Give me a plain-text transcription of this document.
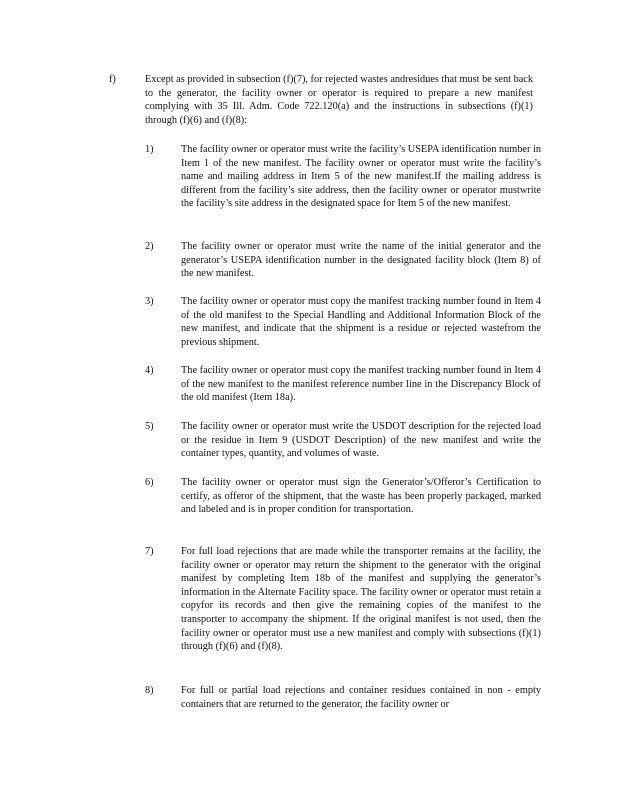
f)	Except as provided in subsection (f)(7), for rejected wastes andresidues that must be sent back to the generator, the facility owner or operator is required to prepare a new manifest complying with 35 Ill. Adm. Code 722.120(a) and the instructions in subsections (f)(1) through (f)(6) and (f)(8):
1)	The facility owner or operator must write the facility’s USEPA identification number in Item 1 of the new manifest. The facility owner or operator must write the facility’s name and mailing address in Item 5 of the new manifest.If the mailing address is different from the facility’s site address, then the facility owner or operator mustwrite the facility’s site address in the designated space for Item 5 of the new manifest.
2)	The facility owner or operator must write the name of the initial generator and the generator’s USEPA identification number in the designated facility block (Item 8) of the new manifest.
3)	The facility owner or operator must copy the manifest tracking number found in Item 4 of the old manifest to the Special Handling and Additional Information Block of the new manifest, and indicate that the shipment is a residue or rejected wastefrom the previous shipment.
4)	The facility owner or operator must copy the manifest tracking number found in Item 4 of the new manifest to the manifest reference number line in the Discrepancy Block of the old manifest (Item 18a).
5)	The facility owner or operator must write the USDOT description for the rejected load or the residue in Item 9 (USDOT Description) of the new manifest and write the container types, quantity, and volumes of waste.
6)	The facility owner or operator must sign the Generator’s/Offeror’s Certification to certify, as offeror of the shipment, that the waste has been properly packaged, marked and labeled and is in proper condition for transportation.
7)	For full load rejections that are made while the transporter remains at the facility, the facility owner or operator may return the shipment to the generator with the original manifest by completing Item 18b of the manifest and supplying the generator’s information in the Alternate Facility space. The facility owner or operator must retain a copyfor its records and then give the remaining copies of the manifest to the transporter to accompany the shipment. If the original manifest is not used, then the facility owner or operator must use a new manifest and comply with subsections (f)(1) through (f)(6) and (f)(8).
8)	For full or partial load rejections and container residues contained in non - empty containers that are returned to the generator, the facility owner or
